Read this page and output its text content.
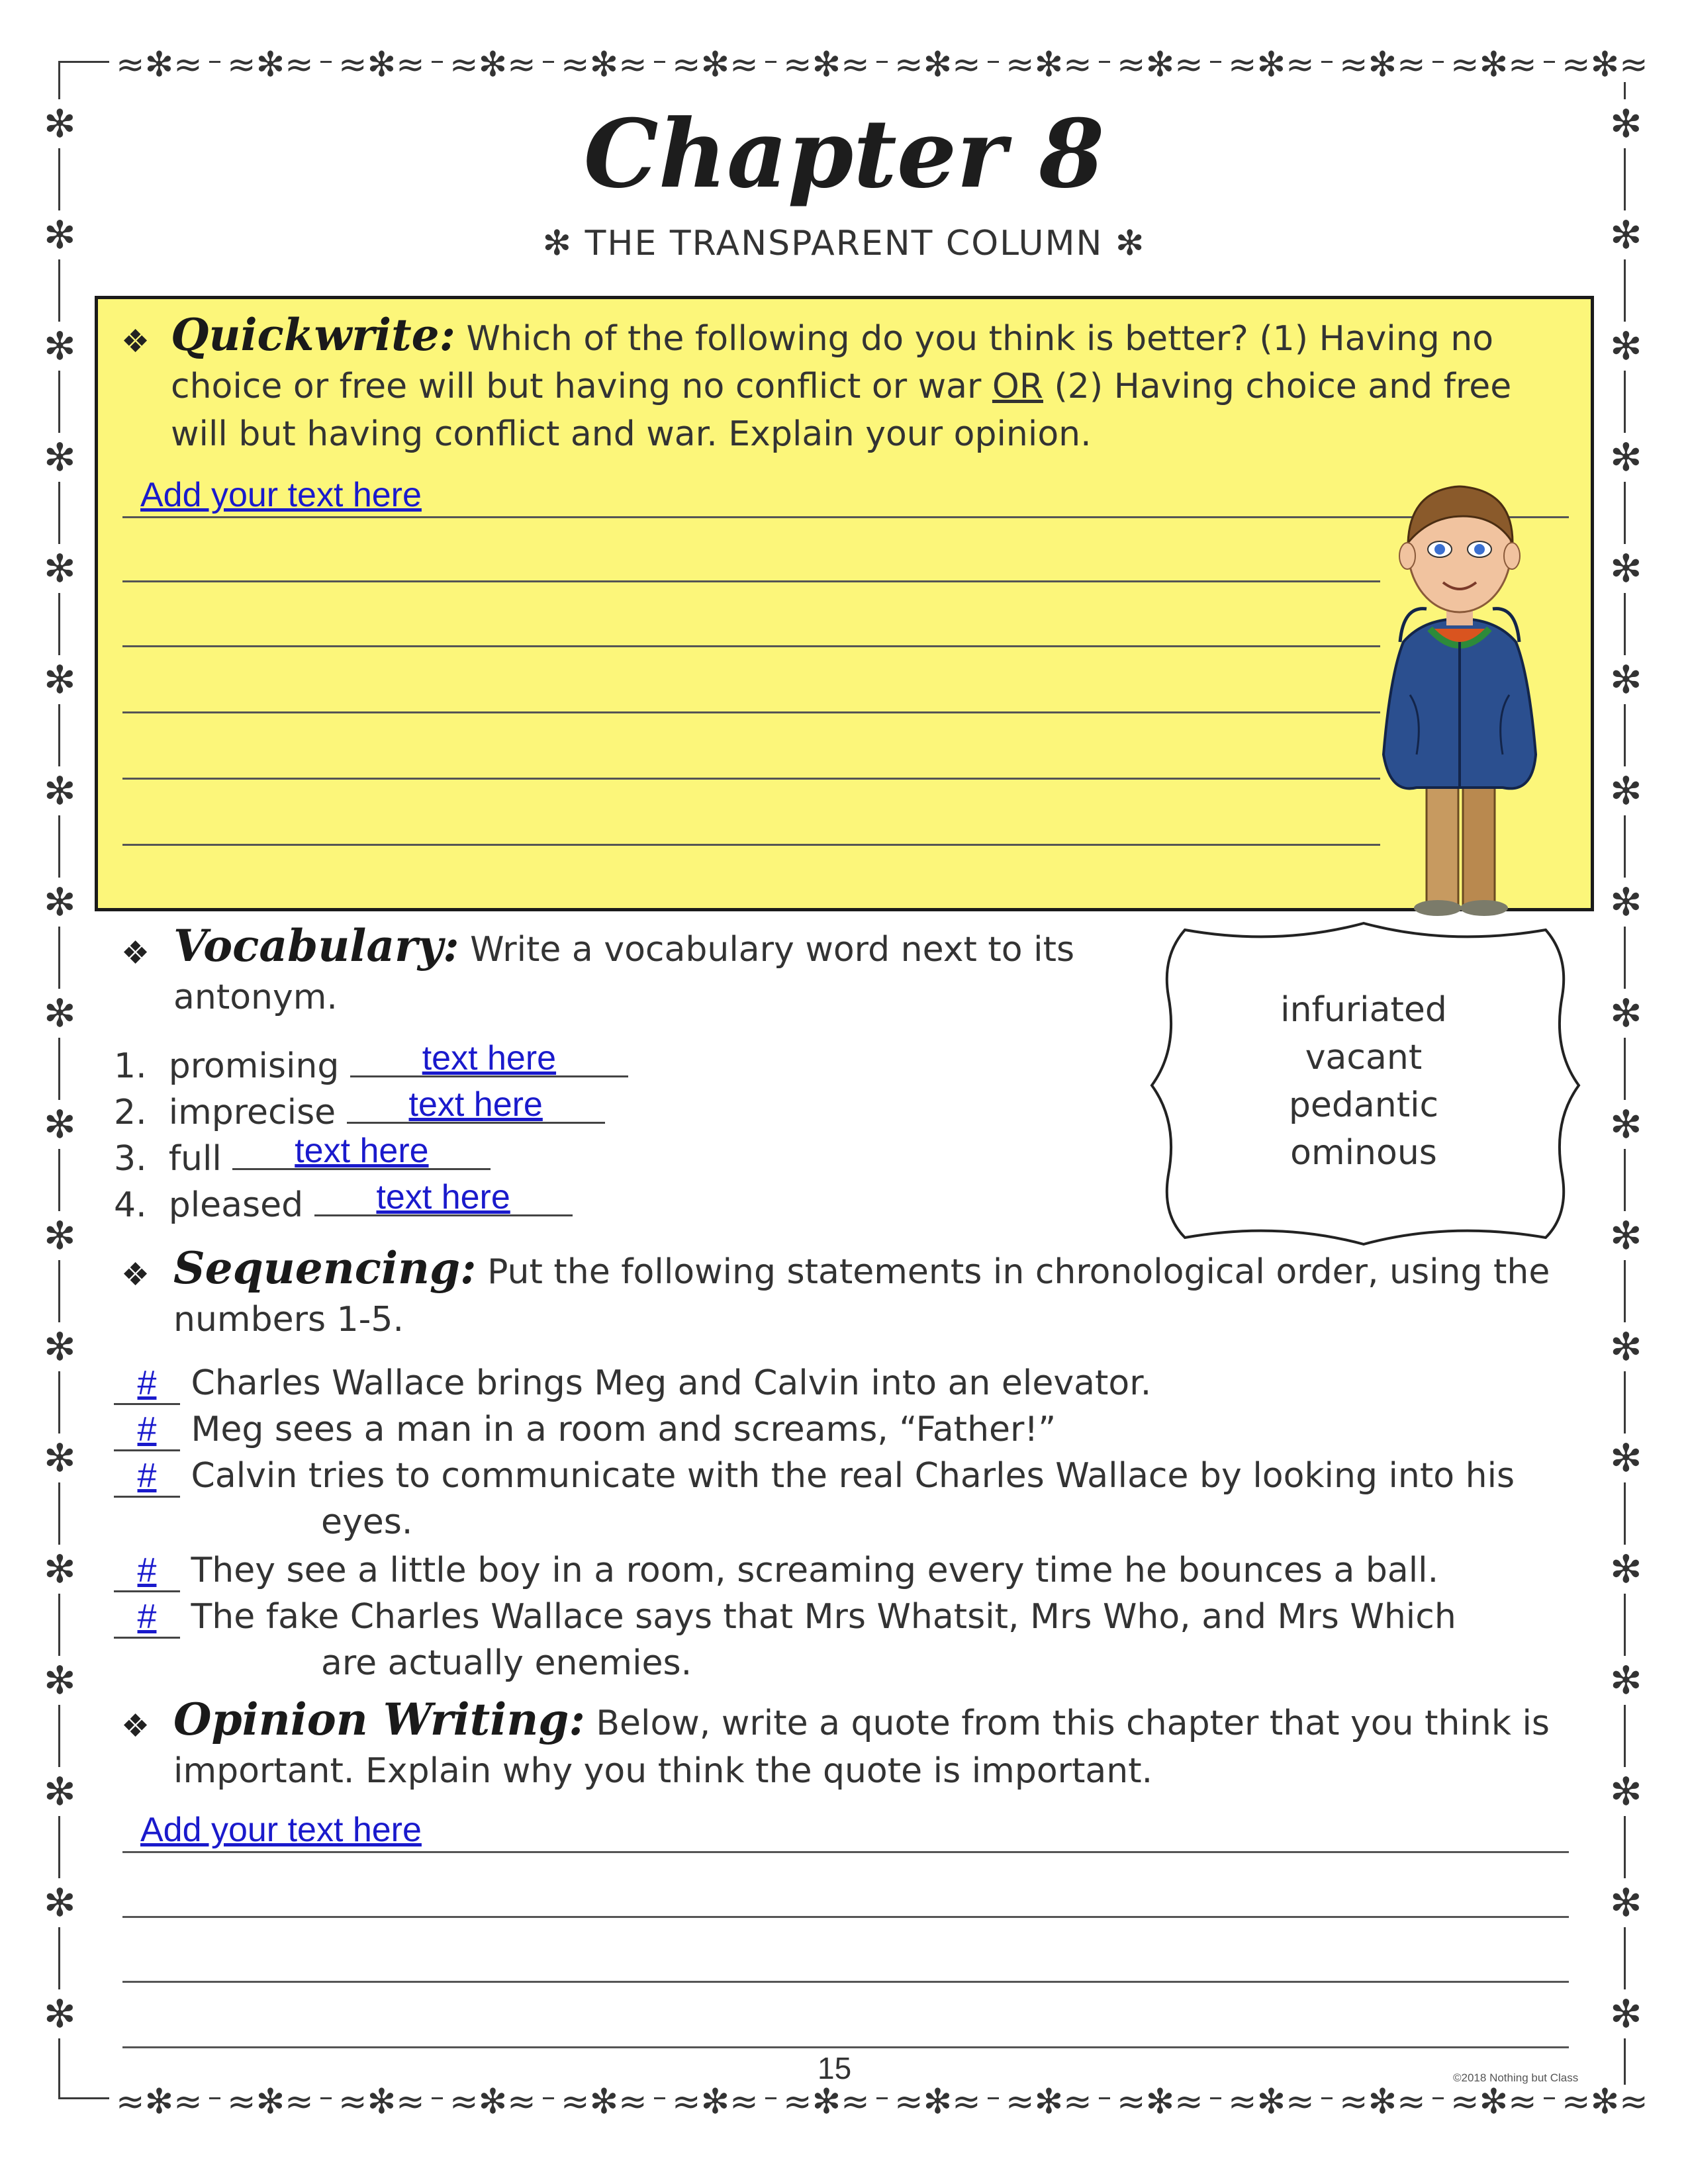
≈✻≈
≈✻≈
≈✻≈
≈✻≈
≈✻≈
≈✻≈
≈✻≈
≈✻≈
≈✻≈
≈✻≈
≈✻≈
≈✻≈
≈✻≈
≈✻≈
≈✻≈
≈✻≈
≈✻≈
≈✻≈
≈✻≈
≈✻≈
≈✻≈
≈✻≈
≈✻≈
≈✻≈
≈✻≈
≈✻≈
≈✻≈
≈✻≈
✻	✻
✻	✻
✻	✻
✻	✻
✻	✻
✻	✻
✻	✻
✻	✻
✻	✻
✻	✻
✻	✻
✻	✻
✻	✻
✻	✻
✻	✻
✻	✻
✻	✻
✻	✻
Chapter 8
✻ THE TRANSPARENT COLUMN ✻
❖ Quickwrite: Which of the following do you think is better? (1) Having no
choice or free will but having no conflict or war OR (2) Having choice and free
will but having conflict and war. Explain your opinion.
Add your text here
❖ Vocabulary: Write a vocabulary word next to its
antonym.
1. promising	text here
2. imprecise	text here
3. full	text here
4. pleased	text here
infuriated
vacant
pedantic
ominous
❖ Sequencing: Put the following statements in chronological order, using the
numbers 1-5.
# Charles Wallace brings Meg and Calvin into an elevator.
# Meg sees a man in a room and screams, “Father!”
# Calvin tries to communicate with the real Charles Wallace by looking into his
eyes.
# They see a little boy in a room, screaming every time he bounces a ball.
# The fake Charles Wallace says that Mrs Whatsit, Mrs Who, and Mrs Which
are actually enemies.
❖ Opinion Writing: Below, write a quote from this chapter that you think is
important. Explain why you think the quote is important.
Add your text here
15	©2018 Nothing but Class
